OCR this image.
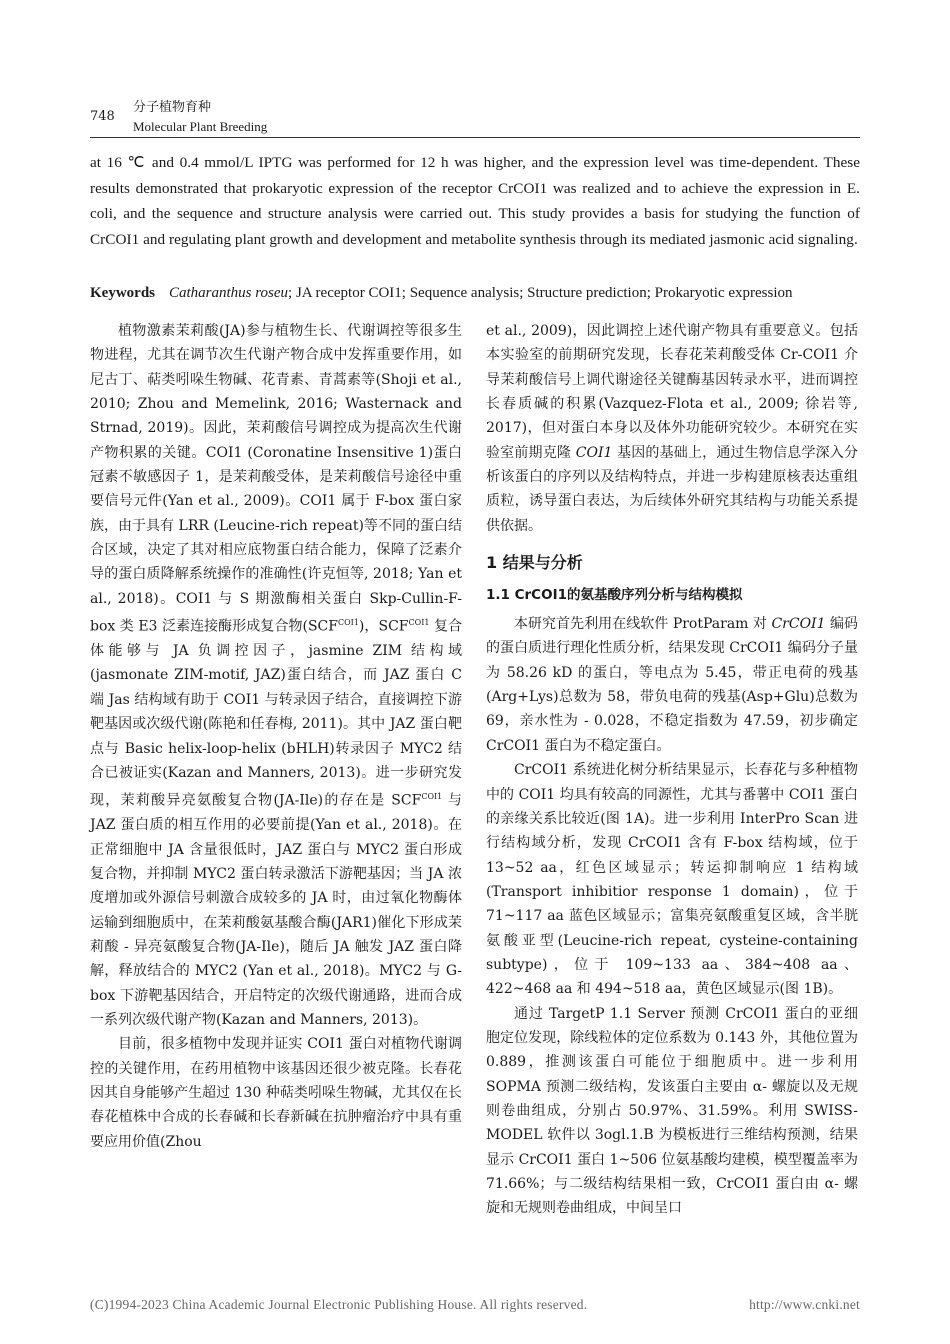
748
分子植物育种
Molecular Plant Breeding
at 16 ℃ and 0.4 mmol/L IPTG was performed for 12 h was higher, and the expression level was time-dependent. These results demonstrated that prokaryotic expression of the receptor CrCOI1 was realized and to achieve the expression in E. coli, and the sequence and structure analysis were carried out. This study provides a basis for studying the function of CrCOI1 and regulating plant growth and development and metabolite synthesis through its mediated jasmonic acid signaling.
Keywords Catharanthus roseu; JA receptor COI1; Sequence analysis; Structure prediction; Prokaryotic expression

植物激素茉莉酸(JA)参与植物生长、代谢调控等很多生物进程，尤其在调节次生代谢产物合成中发挥重要作用，如尼古丁、萜类吲哚生物碱、花青素、青蒿素等(Shoji et al., 2010; Zhou and Memelink, 2016; Wasternack and Strnad, 2019)。因此，茉莉酸信号调控成为提高次生代谢产物积累的关键。COI1 (Coronatine Insensitive 1)蛋白冠素不敏感因子 1，是茉莉酸受体，是茉莉酸信号途径中重要信号元件(Yan et al., 2009)。COI1 属于 F-box 蛋白家族，由于具有 LRR (Leucine-rich repeat)等不同的蛋白结合区域，决定了其对相应底物蛋白结合能力，保障了泛素介导的蛋白质降解系统操作的准确性(许克恒等, 2018; Yan et al., 2018)。COI1 与 S 期激酶相关蛋白 Skp-Cullin-F-box 类 E3 泛素连接酶形成复合物$(SCF^{COI1})$，$SCF^{COI1}$ 复合体能够与 JA 负调控因子，jasmine ZIM 结构域(jasmonate ZIM-motif, JAZ)蛋白结合，而 JAZ 蛋白 C 端 Jas 结构域有助于 COI1 与转录因子结合，直接调控下游靶基因或次级代谢(陈艳和任春梅, 2011)。其中 JAZ 蛋白靶点与 Basic helix-loop-helix (bHLH)转录因子 MYC2 结合已被证实(Kazan and Manners, 2013)。进一步研究发现，茉莉酸异亮氨酸复合物(JA-Ile)的存在是 $SCF^{COI1}$ 与 JAZ 蛋白质的相互作用的必要前提(Yan et al., 2018)。在正常细胞中 JA 含量很低时，JAZ 蛋白与 MYC2 蛋白形成复合物，并抑制 MYC2 蛋白转录激活下游靶基因；当 JA 浓度增加或外源信号刺激合成较多的 JA 时，由过氧化物酶体运输到细胞质中，在茉莉酸氨基酸合酶(JAR1)催化下形成茉莉酸 - 异亮氨酸复合物(JA-Ile)，随后 JA 触发 JAZ 蛋白降解，释放结合的 MYC2 (Yan et al., 2018)。MYC2 与 G-box 下游靶基因结合，开启特定的次级代谢通路，进而合成一系列次级代谢产物(Kazan and Manners, 2013)。

目前，很多植物中发现并证实 COI1 蛋白对植物代谢调控的关键作用，在药用植物中该基因还很少被克隆。长春花因其自身能够产生超过 130 种萜类吲哚生物碱，尤其仅在长春花植株中合成的长春碱和长春新碱在抗肿瘤治疗中具有重要应用价值(Zhou

et al., 2009)，因此调控上述代谢产物具有重要意义。包括本实验室的前期研究发现，长春花茉莉酸受体 Cr-COI1 介导茉莉酸信号上调代谢途径关键酶基因转录水平，进而调控长春质碱的积累(Vazquez-Flota et al., 2009; 徐岩等, 2017)，但对蛋白本身以及体外功能研究较少。本研究在实验室前期克隆 COI1 基因的基础上，通过生物信息学深入分析该蛋白的序列以及结构特点，并进一步构建原核表达重组质粒，诱导蛋白表达，为后续体外研究其结构与功能关系提供依据。

1 结果与分析
1.1 CrCOI1的氨基酸序列分析与结构模拟

本研究首先利用在线软件 ProtParam 对 CrCOI1 编码的蛋白质进行理化性质分析，结果发现 CrCOI1 编码分子量为 58.26 kD 的蛋白，等电点为 5.45，带正电荷的残基(Arg+Lys)总数为 58，带负电荷的残基(Asp+Glu)总数为 69，亲水性为 - 0.028，不稳定指数为 47.59，初步确定 CrCOI1 蛋白为不稳定蛋白。

CrCOI1 系统进化树分析结果显示，长春花与多种植物中的 COI1 均具有较高的同源性，尤其与番薯中 COI1 蛋白的亲缘关系比较近(图 1A)。进一步利用 InterPro Scan 进行结构域分析，发现 CrCOI1 含有 F-box 结构域，位于 13~52 aa，红色区域显示；转运抑制响应 1 结构域(Transport inhibitior response 1 domain)，位于 71~117 aa 蓝色区域显示；富集亮氨酸重复区域，含半胱氨酸亚型(Leucine-rich repeat, cysteine-containing subtype)，位于 109~133 aa、384~408 aa、422~468 aa 和 494~518 aa，黄色区域显示(图 1B)。

通过 TargetP 1.1 Server 预测 CrCOI1 蛋白的亚细胞定位发现，除线粒体的定位系数为 0.143 外，其他位置为 0.889，推测该蛋白可能位于细胞质中。进一步利用 SOPMA 预测二级结构，发该蛋白主要由 α- 螺旋以及无规则卷曲组成，分别占 50.97%、31.59%。利用 SWISS-MODEL 软件以 3ogl.1.B 为模板进行三维结构预测，结果显示 CrCOI1 蛋白 1~506 位氨基酸均建模，模型覆盖率为 71.66%；与二级结构结果相一致，CrCOI1 蛋白由 α- 螺旋和无规则卷曲组成，中间呈口

(C)1994-2023 China Academic Journal Electronic Publishing House. All rights reserved.	http://www.cnki.net
